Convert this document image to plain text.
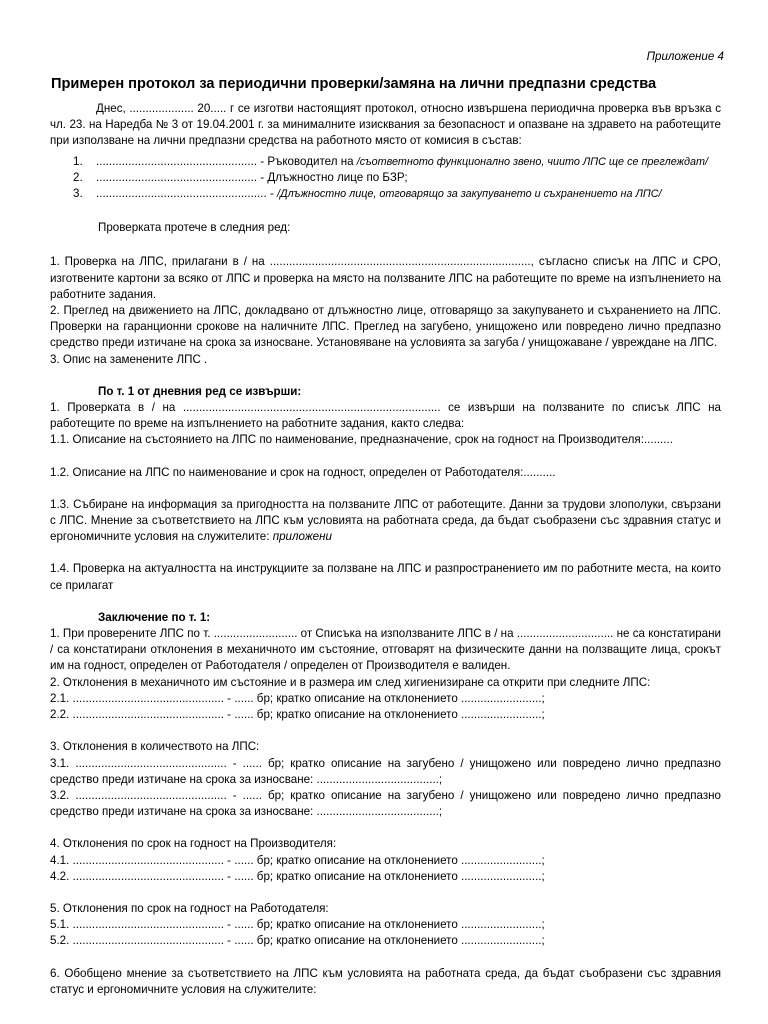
Приложение 4
Примерен протокол за периодични проверки/замяна на лични предпазни средства

Днес, .................... 20..... г се изготви настоящият протокол, относно извършена периодична проверка във връзка с чл. 23. на Наредба № 3 от 19.04.2001 г. за минималните изисквания за безопасност и опазване на здравето на работещите при използване на лични предпазни средства на работното място от комисия в състав:

1. .................................................. - Ръководител на /съответното функционално звено, чиито ЛПС ще се преглеждат/
2. .................................................. - Длъжностно лице по БЗР;
3. ..................................................... - /Длъжностно лице, отговарящо за закупуването и съхранението на ЛПС/

Проверката протече в следния ред:

1. Проверка на ЛПС, прилагани в / на ................................................................................., съгласно списък на ЛПС и СРО, изготвените картони за всяко от ЛПС и проверка на място на ползваните ЛПС на работещите по време на изпълнението на работните задания.

2. Преглед на движението на ЛПС, докладвано от длъжностно лице, отговарящо за закупуването и съхранението на ЛПС. Проверки на гаранционни срокове на наличните ЛПС. Преглед на загубено, унищожено или повредено лично предпазно средство преди изтичане на срока за износване. Установяване на условията за загуба / унищожаване / увреждане на ЛПС.

3. Опис на заменените ЛПС .

По т. 1 от дневния ред се извърши:

1. Проверката в / на ................................................................................ се извърши на ползваните по списък ЛПС на работещите по време на изпълнението на работните задания, както следва:

1.1. Описание на състоянието на ЛПС по наименование, предназначение, срок на годност на Производителя:.........

1.2. Описание на ЛПС по наименование и срок на годност, определен от Работодателя:..........

1.3. Събиране на информация за пригодността на ползваните ЛПС от работещите. Данни за трудови злополуки, свързани с ЛПС. Мнение за съответствието на ЛПС към условията на работната среда, да бъдат съобразени със здравния статус и ергономичните условия на служителите: приложени

1.4. Проверка на актуалността на инструкциите за ползване на ЛПС и разпространението им по работните места, на които се прилагат

Заключение по т. 1:

1. При проверените ЛПС по т. .......................... от Списъка на използваните ЛПС в / на .............................. не са констатирани / са констатирани отклонения в механичното им състояние, отговарят на физическите данни на ползващите лица, срокът им на годност, определен от Работодателя / определен от Производителя е валиден.

2. Отклонения в механичното им състояние и в размера им след хигиенизиране са открити при следните ЛПС:

2.1. ............................................... - ...... бр; кратко описание на отклонението .........................;

2.2. ............................................... - ...... бр; кратко описание на отклонението .........................;

3. Отклонения в количеството на ЛПС:

3.1. ............................................... - ...... бр; кратко описание на загубено / унищожено или повредено лично предпазно средство преди изтичане на срока за износване: ......................................;

3.2. ............................................... - ...... бр; кратко описание на загубено / унищожено или повредено лично предпазно средство преди изтичане на срока за износване: ......................................;

4. Отклонения по срок на годност на Производителя:

4.1. ............................................... - ...... бр; кратко описание на отклонението .........................;

4.2. ............................................... - ...... бр; кратко описание на отклонението .........................;

5. Отклонения по срок на годност на Работодателя:

5.1. ............................................... - ...... бр; кратко описание на отклонението .........................;

5.2. ............................................... - ...... бр; кратко описание на отклонението .........................;

6. Обобщено мнение за съответствието на ЛПС към условията на работната среда, да бъдат съобразени със здравния статус и ергономичните условия на служителите:
